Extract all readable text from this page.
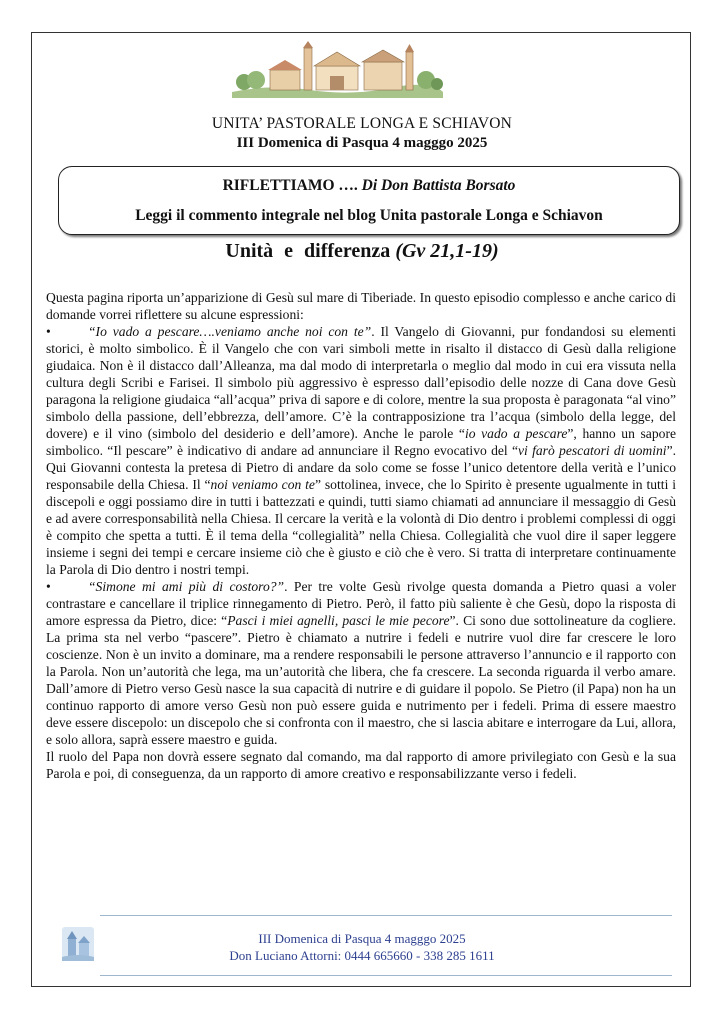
UNITA’ PASTORALE LONGA E SCHIAVON
III Domenica di Pasqua 4 magggo 2025
RIFLETTIAMO …. Di Don Battista Borsato
Leggi il commento integrale nel blog Unita pastorale Longa e Schiavon
Unità e differenza (Gv 21,1-19)

Questa pagina riporta un’apparizione di Gesù sul mare di Tiberiade. In questo episodio complesso e anche carico di domande vorrei riflettere su alcune espressioni:

•	“Io vado a pescare….veniamo anche noi con te”. Il Vangelo di Giovanni, pur fondandosi su elementi storici, è molto simbolico. È il Vangelo che con vari simboli mette in risalto il distacco di Gesù dalla religione giudaica. Non è il distacco dall’Alleanza, ma dal modo di interpretarla o meglio dal modo in cui era vissuta nella cultura degli Scribi e Farisei. Il simbolo più aggressivo è espresso dall’episodio delle nozze di Cana dove Gesù paragona la religione giudaica “all’acqua” priva di sapore e di colore, mentre la sua proposta è paragonata “al vino” simbolo della passione, dell’ebbrezza, dell’amore. C’è la contrapposizione tra l’acqua (simbolo della legge, del dovere) e il vino (simbolo del desiderio e dell’amore). Anche le parole “io vado a pescare”, hanno un sapore simbolico. “Il pescare” è indicativo di andare ad annunciare il Regno evocativo del “vi farò pescatori di uomini”. Qui Giovanni contesta la pretesa di Pietro di andare da solo come se fosse l’unico detentore della verità e l’unico responsabile della Chiesa. Il “noi veniamo con te” sottolinea, invece, che lo Spirito è presente ugualmente in tutti i discepoli e oggi possiamo dire in tutti i battezzati e quindi, tutti siamo chiamati ad annunciare il messaggio di Gesù e ad avere corresponsabilità nella Chiesa. Il cercare la verità e la volontà di Dio dentro i problemi complessi di oggi è compito che spetta a tutti. È il tema della “collegialità” nella Chiesa. Collegialità che vuol dire il saper leggere insieme i segni dei tempi e cercare insieme ciò che è giusto e ciò che è vero. Si tratta di interpretare continuamente la Parola di Dio dentro i nostri tempi.

•	“Simone mi ami più di costoro?”. Per tre volte Gesù rivolge questa domanda a Pietro quasi a voler contrastare e cancellare il triplice rinnegamento di Pietro. Però, il fatto più saliente è che Gesù, dopo la risposta di amore espressa da Pietro, dice: “Pasci i miei agnelli, pasci le mie pecore”. Ci sono due sottolineature da cogliere. La prima sta nel verbo “pascere”. Pietro è chiamato a nutrire i fedeli e nutrire vuol dire far crescere le loro coscienze. Non è un invito a dominare, ma a rendere responsabili le persone attraverso l’annuncio e il rapporto con la Parola. Non un’autorità che lega, ma un’autorità che libera, che fa crescere. La seconda riguarda il verbo amare. Dall’amore di Pietro verso Gesù nasce la sua capacità di nutrire e di guidare il popolo. Se Pietro (il Papa) non ha un continuo rapporto di amore verso Gesù non può essere guida e nutrimento per i fedeli. Prima di essere maestro deve essere discepolo: un discepolo che si confronta con il maestro, che si lascia abitare e interrogare da Lui, allora, e solo allora, saprà essere maestro e guida.

Il ruolo del Papa non dovrà essere segnato dal comando, ma dal rapporto di amore privilegiato con Gesù e la sua Parola e poi, di conseguenza, da un rapporto di amore creativo e responsabilizzante verso i fedeli.

III Domenica di Pasqua 4 magggo 2025
Don Luciano Attorni: 0444 665660 - 338 285 1611
